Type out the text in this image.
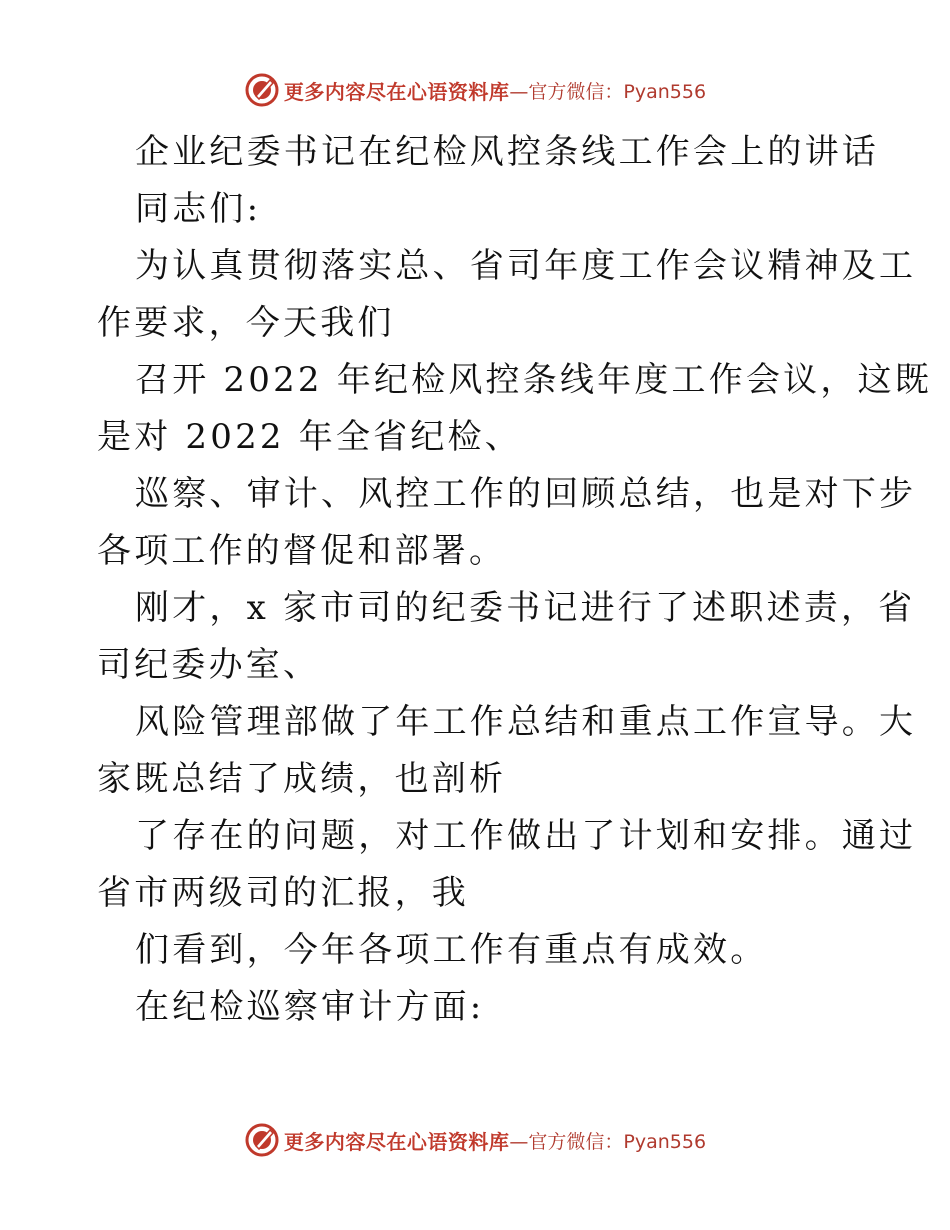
更多内容尽在心语资料库 —官方微信：Pyan556
企业纪委书记在纪检风控条线工作会上的讲话
同志们:
为认真贯彻落实总、省司年度工作会议精神及工
作要求，今天我们
召开 2022 年纪检风控条线年度工作会议，这既
是对 2022 年全省纪检、
巡察、审计、风控工作的回顾总结，也是对下步
各项工作的督促和部署。
刚才，x 家市司的纪委书记进行了述职述责，省
司纪委办室、
风险管理部做了年工作总结和重点工作宣导。大
家既总结了成绩，也剖析
了存在的问题，对工作做出了计划和安排。通过
省市两级司的汇报，我
们看到，今年各项工作有重点有成效。
在纪检巡察审计方面:
更多内容尽在心语资料库 —官方微信：Pyan556
